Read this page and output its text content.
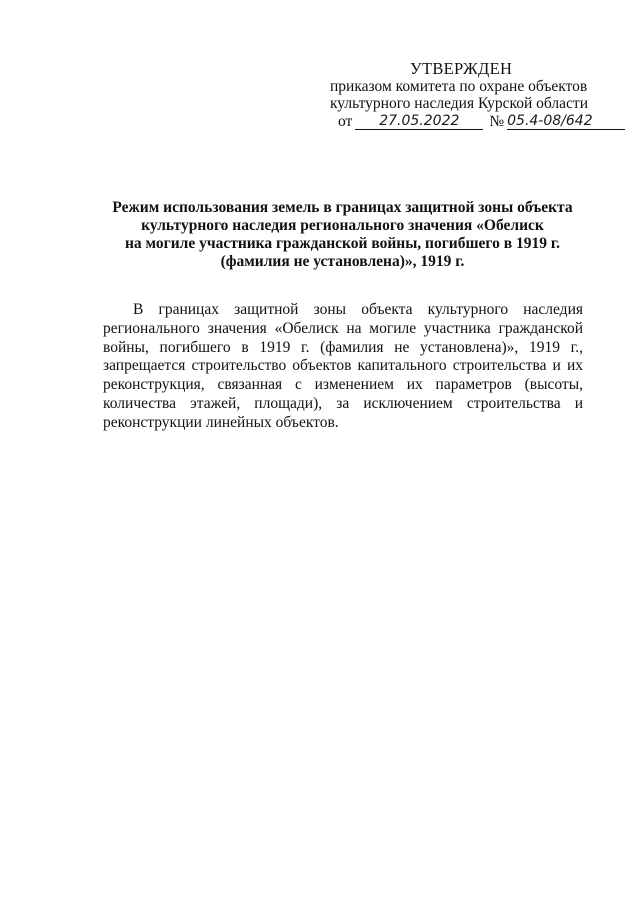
УТВЕРЖДЕН
приказом комитета по охране объектов
культурного наследия Курской области
от	27.05.2022	№ 05.4-08/642
Режим использования земель в границах защитной зоны объекта
культурного наследия регионального значения «Обелиск
на могиле участника гражданской войны, погибшего в 1919 г.
(фамилия не установлена)», 1919 г.

В границах защитной зоны объекта культурного наследия регионального значения «Обелиск на могиле участника гражданской войны, погибшего в 1919 г. (фамилия не установлена)», 1919 г., запрещается строительство объектов капитального строительства и их реконструкция, связанная с изменением их параметров (высоты, количества этажей, площади), за исключением строительства и реконструкции линейных объектов.
